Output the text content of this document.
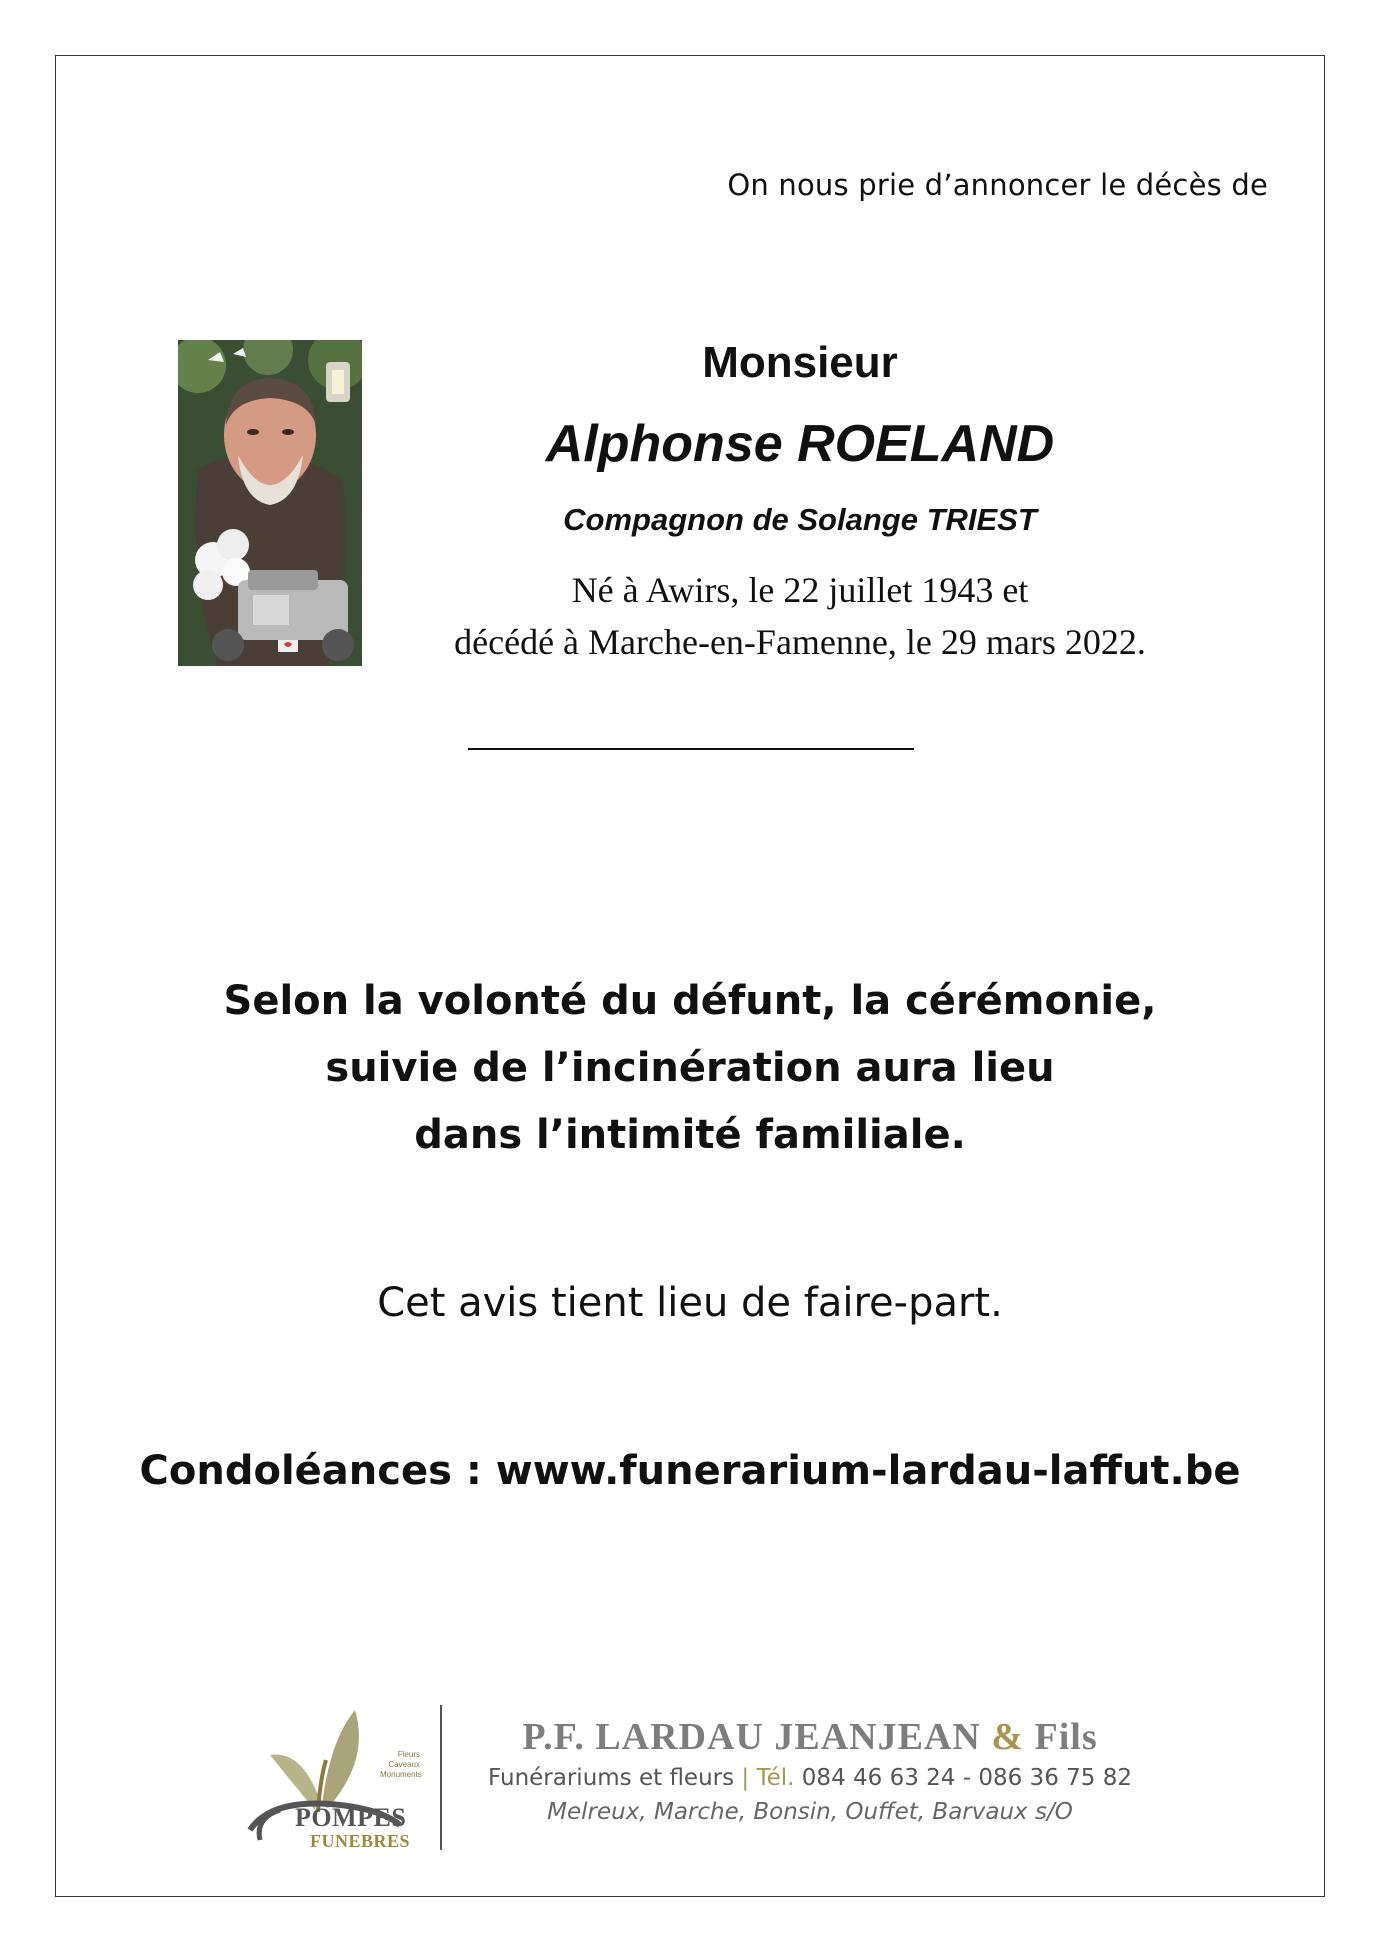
On nous prie d’annoncer le décès de
Monsieur
Alphonse ROELAND
Compagnon de Solange TRIEST
Né à Awirs, le 22 juillet 1943 et
décédé à Marche-en-Famenne, le 29 mars 2022.
Selon la volonté du défunt, la cérémonie,
suivie de l’incinération aura lieu
dans l’intimité familiale.
Cet avis tient lieu de faire-part.
Condoléances : www.funerarium-lardau-laffut.be
Fleurs
Caveaux
Monuments
POMPES
FUNEBRES
P.F. LARDAU JEANJEAN & Fils
Funérariums et fleurs | Tél. 084 46 63 24 - 086 36 75 82
Melreux, Marche, Bonsin, Ouffet, Barvaux s/O
